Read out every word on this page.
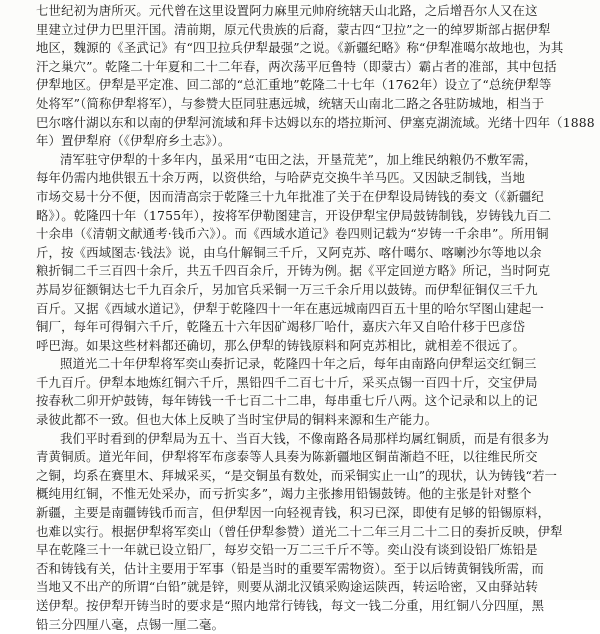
七世纪初为唐所灭。元代曾在这里设置阿力麻里元帅府统辖天山北路，之后增吾尔人又在这
里建立过伊力巴里汗国。清前期，原元代贵族的后裔，蒙古四“卫拉”之一的绰罗斯部占据伊犁
地区，魏源的《圣武记》有“四卫拉兵伊犁最强”之说。《新疆纪略》称“伊犁准噶尔故地也，为其
汗之巢穴”。乾隆二十年夏和二十二年春，两次荡平厄鲁特（即蒙古）霸占者的准部，其中包括
伊犁地区。伊犁是平定准、回二部的“总汇重地”乾隆二十七年（1762年）设立了“总统伊犁等
处将军”（简称伊犁将军），与参赞大臣同驻惠远城，统辖天山南北二路之各驻防城地，相当于
巴尔喀什湖以东和以南的伊犁河流域和拜卡达姆以东的塔拉斯河、伊塞克湖流域。光绪十四年（1888
年）置伊犁府（《伊犁府乡土志》）。
清军驻守伊犁的十多年内，虽采用“屯田之法，开垦荒芜”，加上维民纳粮仍不敷军需，
每年仍需内地供银五十余万两，以资供给，与哈萨克交换牛羊马匹。又因缺乏制钱，当地
市场交易十分不便，因而清高宗于乾隆三十九年批准了关于在伊犁设局铸钱的奏文（《新疆纪
略》）。乾隆四十年（1755年），按将军伊勒图建言，开设伊犁宝伊局鼓铸制钱，岁铸钱九百二
十余串（《清朝文献通考·钱币六》）。而《西域水道记》卷四则记载为“岁铸一千余串”。所用铜
斤，按《西域图志·钱法》说，由乌什解铜三千斤，又阿克苏、喀什噶尔、喀喇沙尔等地以余
粮折铜二千三百四十余斤，共五千四百余斤，开铸为例。据《平定回逆方略》所记，当时阿克
苏局岁征额铜达七千九百余斤，另加官兵采铜一万三千余斤用以鼓铸。而伊犁征铜仅三千九
百斤。又据《西域水道记》，伊犁于乾隆四十一年在惠远城南四百五十里的哈尔罕图山建起一
铜厂，每年可得铜六千斤，乾隆五十六年因矿竭移厂哈什，嘉庆六年又自哈什移于巴彦岱
呼巴海。如果这些材料都还确切，那么伊犁的铸钱原料和阿克苏相比，就相差不很远了。
照道光二十年伊犁将军奕山奏折记录，乾隆四十年之后，每年由南路向伊犁运交红铜三
千九百斤。伊犁本地炼红铜六千斤，黑铅四千二百七十斤，采买点锡一百四十斤，交宝伊局
按春秋二卯开炉鼓铸，每年铸钱一千七百二十二串，每串重七斤八两。这个记录和以上的记
录彼此都不一致。但也大体上反映了当时宝伊局的铜料来源和生产能力。
我们平时看到的伊犁局为五十、当百大钱，不像南路各局那样均属红铜质，而是有很多为
青黄铜质。道光年间，伊犁将军布彦泰等人具奏为陈新疆地区铜苗渐趋不旺，以往维民所交
之铜，均系在赛里木、拜城采买，“是交铜虽有数处，而采铜实止一山”的现状，认为铸钱“若一
概纯用红铜，不惟无处采办，而亏折实多”，竭力主张掺用铅锡鼓铸。他的主张是针对整个
新疆，主要是南疆铸钱币而言，但伊犁因一向轻视青钱，积习已深，即使有足够的铅锡原料，
也难以实行。根据伊犁将军奕山（曾任伊犁参赞）道光二十二年三月二十二日的奏折反映，伊犁
早在乾隆三十一年就已设立铅厂，每岁交铅一万二三千斤不等。奕山没有谈到设铅厂炼铅是
否和铸钱有关，估计主要用于军事（铅是当时的重要军需物资）。至于以后铸黄铜钱所需，而
当地又不出产的所谓“白铅”就是锌，则要从湖北汉镇采购途运陕西，转运哈密，又由驿站转
送伊犁。按伊犁开铸当时的要求是“照内地常行铸钱，每文一钱二分重，用红铜八分四厘，黑
铅三分四厘八毫，点锡一厘二毫。
